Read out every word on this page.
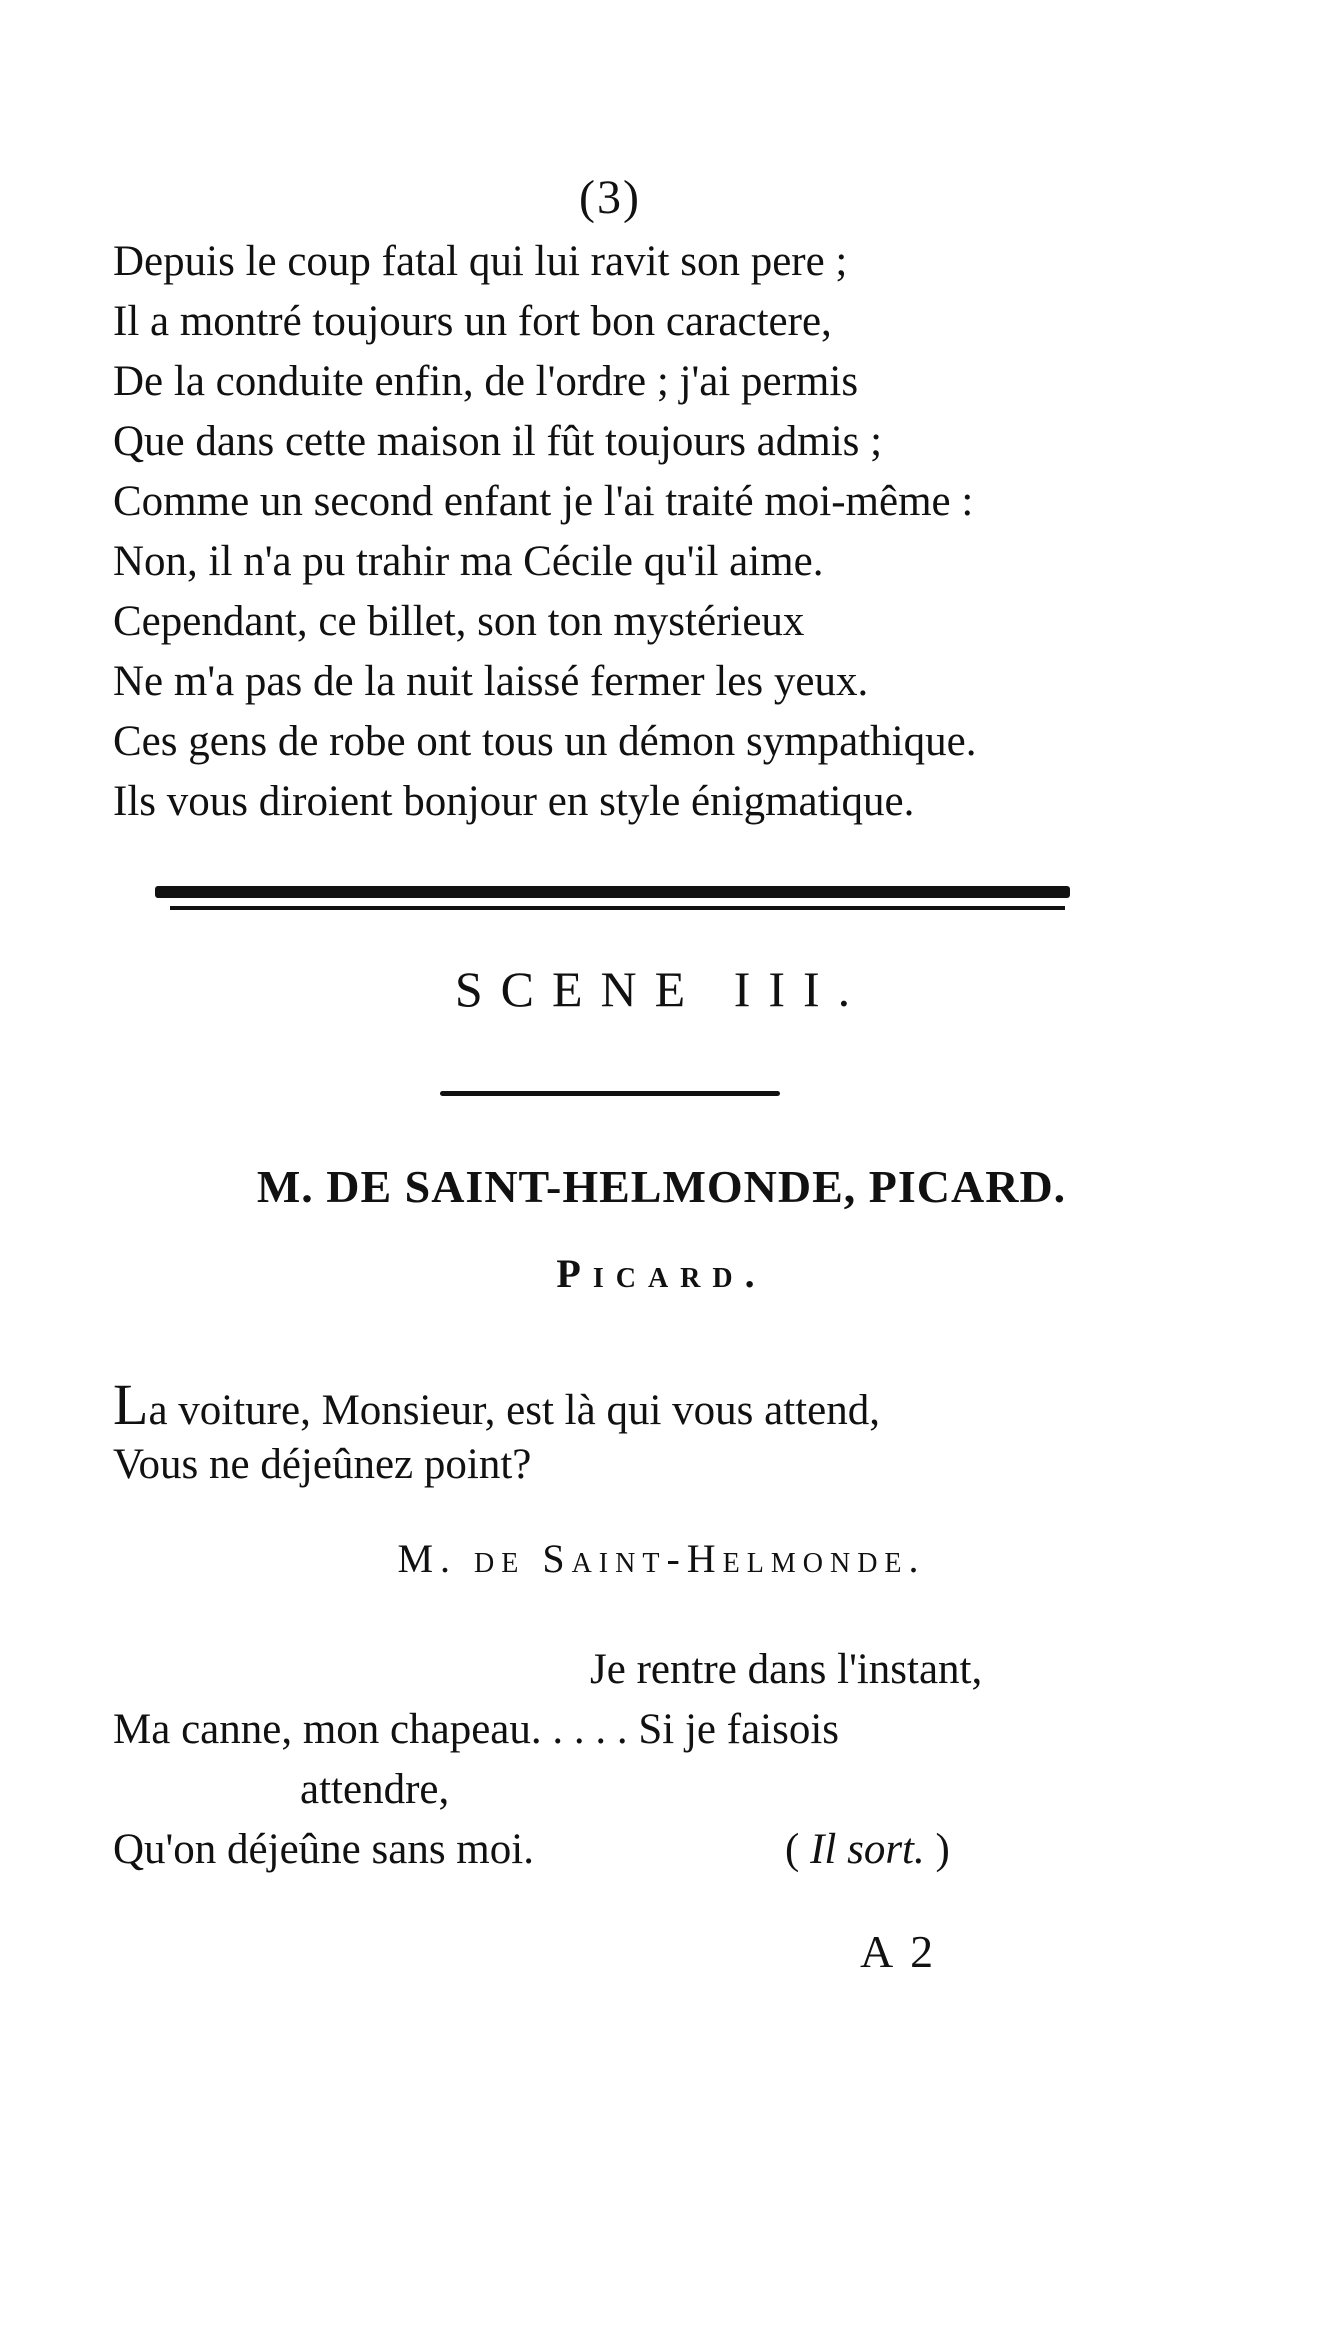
(3)
Depuis le coup fatal qui lui ravit son pere ;
Il a montré toujours un fort bon caractere,
De la conduite enfin, de l'ordre ; j'ai permis
Que dans cette maison il fût toujours admis ;
Comme un second enfant je l'ai traité moi-même :
Non, il n'a pu trahir ma Cécile qu'il aime.
Cependant, ce billet, son ton mystérieux
Ne m'a pas de la nuit laissé fermer les yeux.
Ces gens de robe ont tous un démon sympathique.
Ils vous diroient bonjour en style énigmatique.
SCENE III.
M. DE SAINT-HELMONDE, PICARD.
Picard.
La voiture, Monsieur, est là qui vous attend,
Vous ne déjeûnez point?
M. de Saint-Helmonde.
Je rentre dans l'instant,
Ma canne, mon chapeau. . . . . Si je faisois
attendre,
Qu'on déjeûne sans moi.	( Il sort. )
A 2
